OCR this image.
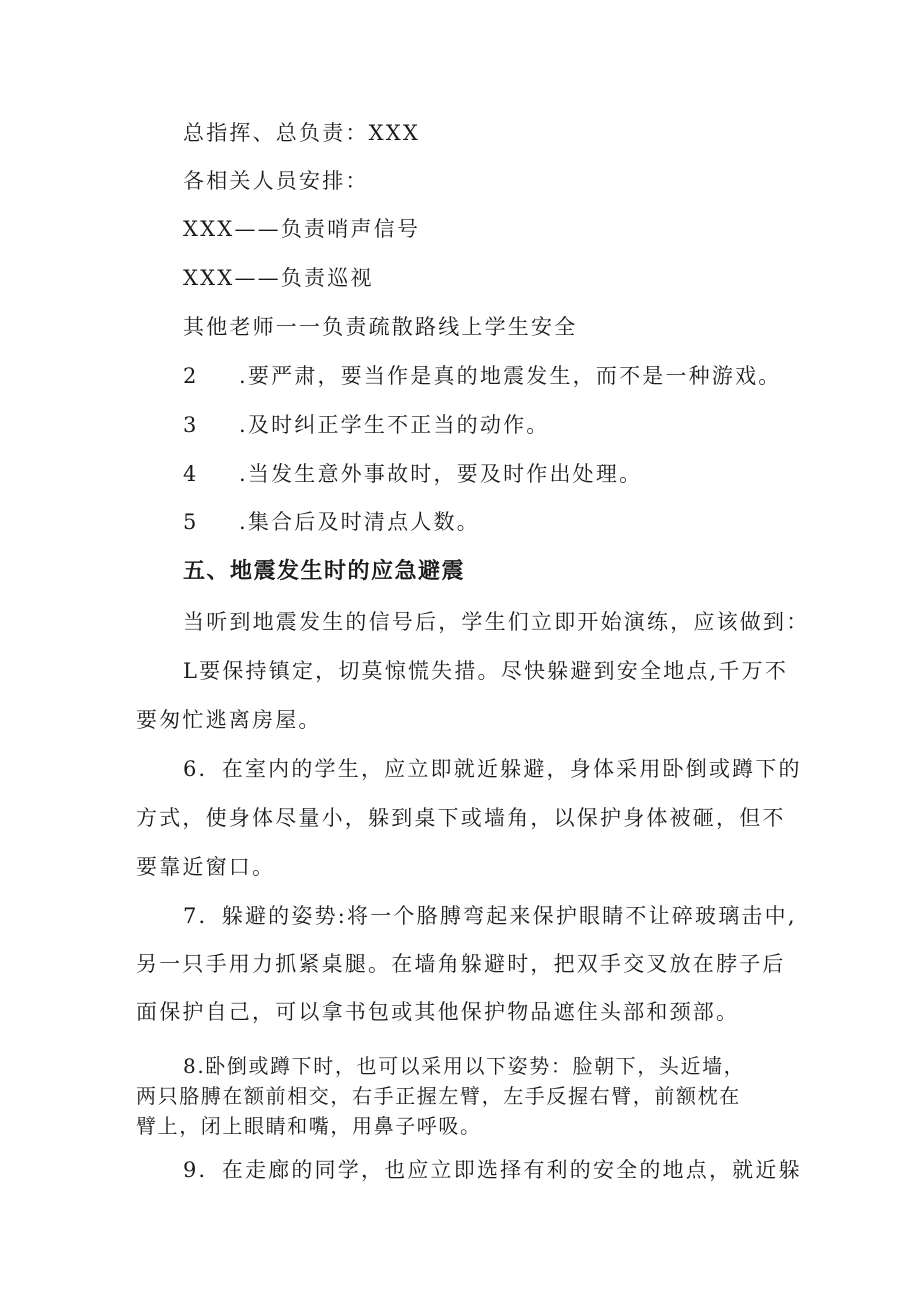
总指挥、总负责：XXX
各相关人员安排：
XXX——负责哨声信号
XXX——负责巡视
其他老师一一负责疏散路线上学生安全
2 .要严肃，要当作是真的地震发生，而不是一种游戏。
3 .及时纠正学生不正当的动作。
4 .当发生意外事故时，要及时作出处理。
5 .集合后及时清点人数。
五、地震发生时的应急避震
当听到地震发生的信号后，学生们立即开始演练，应该做到：
L要保持镇定，切莫惊慌失措。尽快躲避到安全地点,千万不
要匆忙逃离房屋。
6．在室内的学生，应立即就近躲避，身体采用卧倒或蹲下的
方式，使身体尽量小，躲到桌下或墙角，以保护身体被砸，但不
要靠近窗口。
7．躲避的姿势:将一个胳膊弯起来保护眼睛不让碎玻璃击中,
另一只手用力抓紧桌腿。在墙角躲避时，把双手交叉放在脖子后
面保护自己，可以拿书包或其他保护物品遮住头部和颈部。
8.卧倒或蹲下时，也可以采用以下姿势：脸朝下，头近墙，
两只胳膊在额前相交，右手正握左臂，左手反握右臂，前额枕在
臂上，闭上眼睛和嘴，用鼻子呼吸。
9．在走廊的同学，也应立即选择有利的安全的地点，就近躲
